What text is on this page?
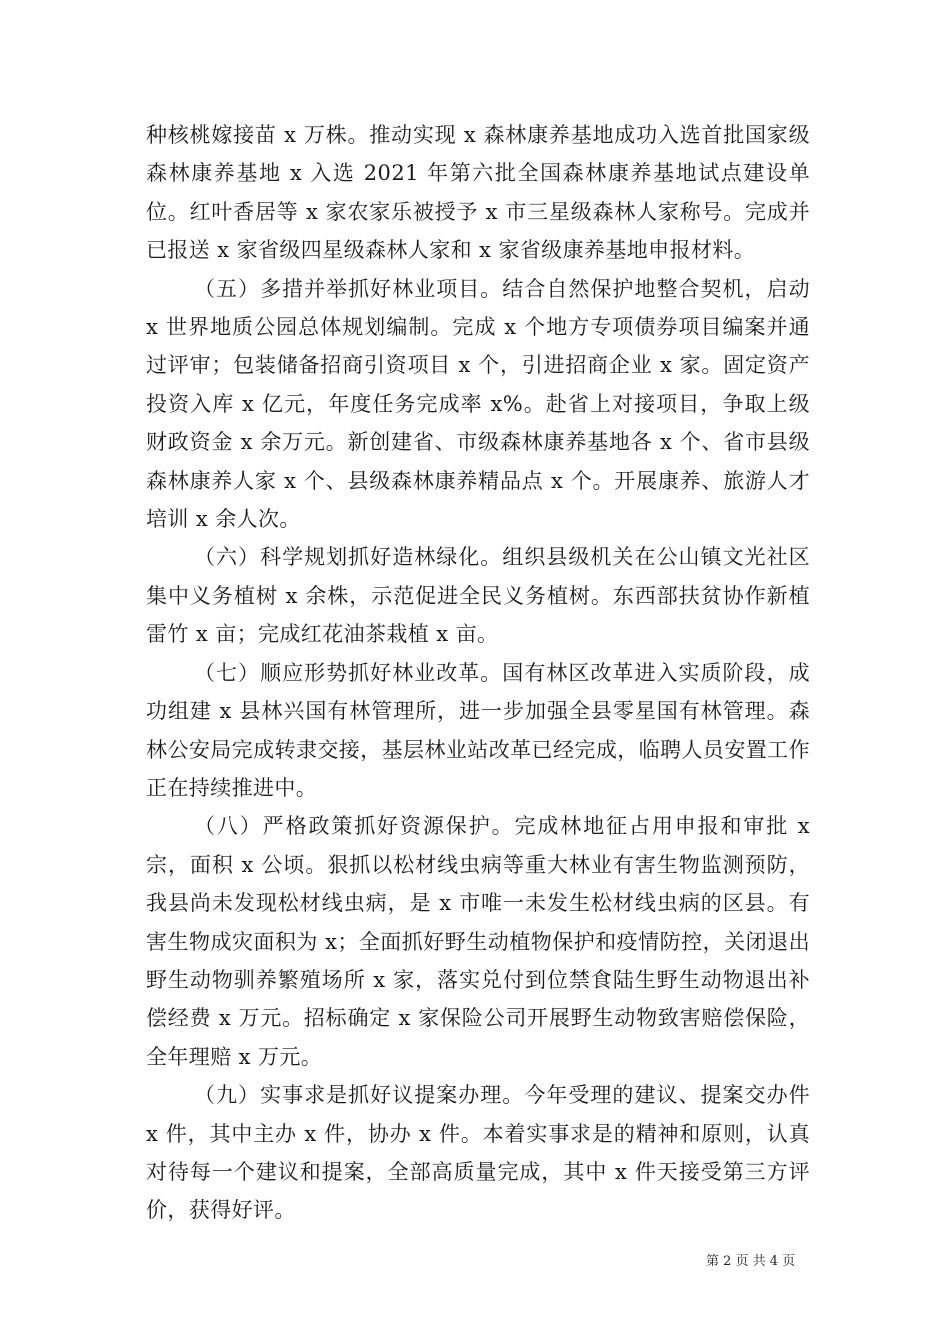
种核桃嫁接苗 x 万株。推动实现 x 森林康养基地成功入选首批国家级森林康养基地 x 入选 2021 年第六批全国森林康养基地试点建设单位。红叶香居等 x 家农家乐被授予 x 市三星级森林人家称号。完成并已报送 x 家省级四星级森林人家和 x 家省级康养基地申报材料。

（五）多措并举抓好林业项目。结合自然保护地整合契机，启动 x 世界地质公园总体规划编制。完成 x 个地方专项债券项目编案并通过评审；包装储备招商引资项目 x 个，引进招商企业 x 家。固定资产投资入库 x 亿元，年度任务完成率 x%。赴省上对接项目，争取上级财政资金 x 余万元。新创建省、市级森林康养基地各 x 个、省市县级森林康养人家 x 个、县级森林康养精品点 x 个。开展康养、旅游人才培训 x 余人次。

（六）科学规划抓好造林绿化。组织县级机关在公山镇文光社区集中义务植树 x 余株，示范促进全民义务植树。东西部扶贫协作新植雷竹 x 亩；完成红花油茶栽植 x 亩。

（七）顺应形势抓好林业改革。国有林区改革进入实质阶段，成功组建 x 县林兴国有林管理所，进一步加强全县零星国有林管理。森林公安局完成转隶交接，基层林业站改革已经完成，临聘人员安置工作正在持续推进中。

（八）严格政策抓好资源保护。完成林地征占用申报和审批 x 宗，面积 x 公顷。狠抓以松材线虫病等重大林业有害生物监测预防，我县尚未发现松材线虫病，是 x 市唯一未发生松材线虫病的区县。有害生物成灾面积为 x；全面抓好野生动植物保护和疫情防控，关闭退出野生动物驯养繁殖场所 x 家，落实兑付到位禁食陆生野生动物退出补偿经费 x 万元。招标确定 x 家保险公司开展野生动物致害赔偿保险，全年理赔 x 万元。

（九）实事求是抓好议提案办理。今年受理的建议、提案交办件 x 件，其中主办 x 件，协办 x 件。本着实事求是的精神和原则，认真对待每一个建议和提案，全部高质量完成，其中 x 件天接受第三方评价，获得好评。

第 2 页 共 4 页
